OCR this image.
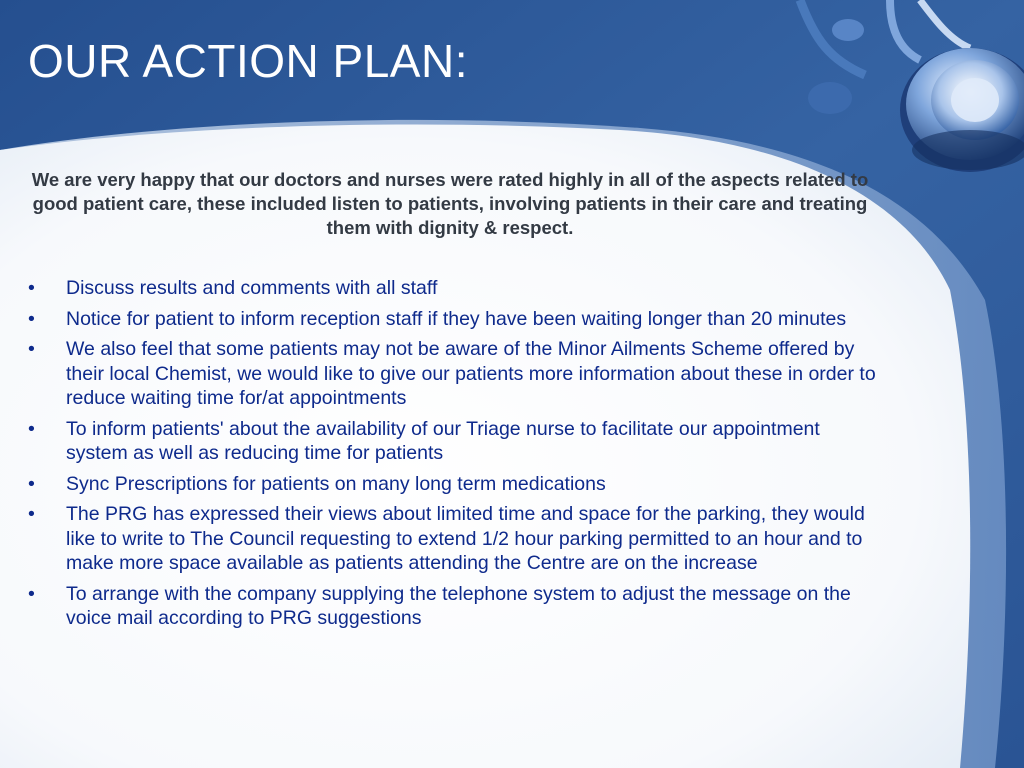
OUR ACTION PLAN:

We are very happy that our doctors and nurses were rated highly in all of the aspects related to good patient care, these included listen to patients, involving patients in their care and treating them with dignity & respect.

• Discuss results and comments with all staff
• Notice for patient to inform reception staff if they have been waiting longer than 20 minutes
• We also feel that some patients may not be aware of the Minor Ailments Scheme offered by their local Chemist, we would like to give our patients more information about these in order to reduce waiting time for/at appointments
• To inform patients' about the availability of our Triage nurse to facilitate our appointment system as well as reducing time for patients
• Sync Prescriptions for patients on many long term medications
• The PRG has expressed their views about limited time and space for the parking, they would like to write to The Council requesting to extend 1/2 hour parking permitted to an hour and to make more space available as patients attending the Centre are on the increase
• To arrange with the company supplying the telephone system to adjust the message on the voice mail according to PRG suggestions
